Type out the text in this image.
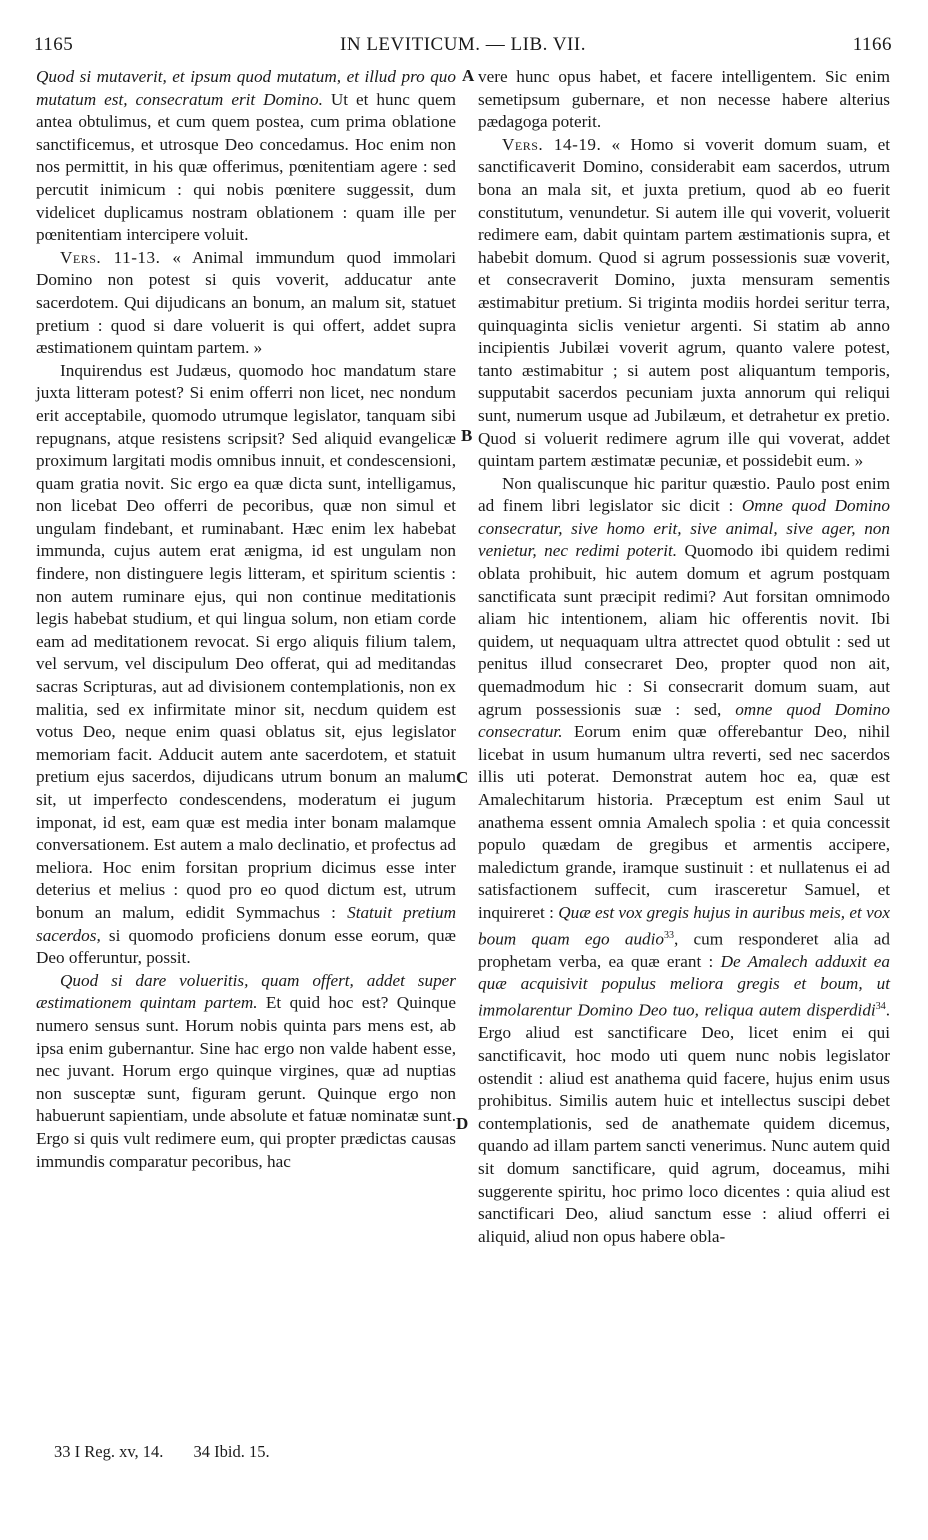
1165	IN LEVITICUM. — LIB. VII.	1166

Quod si mutaverit, et ipsum quod mutatum, et illud pro quo mutatum est, consecratum erit Domino. Ut et hunc quem antea obtulimus, et cum quem postea, cum prima oblatione sanctificemus, et utrosque Deo concedamus. Hoc enim non nos permittit, in his quæ offerimus, pœnitentiam agere : sed percutit inimicum : qui nobis pœnitere suggessit, dum videlicet duplicamus nostram oblationem : quam ille per pœnitentiam intercipere voluit.

Vers. 11-13. « Animal immundum quod immolari Domino non potest si quis voverit, adducatur ante sacerdotem. Qui dijudicans an bonum, an malum sit, statuet pretium : quod si dare voluerit is qui offert, addet supra æstimationem quintam partem. »

Inquirendus est Judæus, quomodo hoc mandatum stare juxta litteram potest? Si enim offerri non licet, nec nondum erit acceptabile, quomodo utrumque legislator, tanquam sibi repugnans, atque resistens scripsit? Sed aliquid evangelicæ proximum largitati modis omnibus innuit, et condescensioni, quam gratia novit. Sic ergo ea quæ dicta sunt, intelligamus, non licebat Deo offerri de pecoribus, quæ non simul et ungulam findebant, et ruminabant. Hæc enim lex habebat immunda, cujus autem erat ænigma, id est ungulam non findere, non distinguere legis litteram, et spiritum scientis : non autem ruminare ejus, qui non continue meditationis legis habebat studium, et qui lingua solum, non etiam corde eam ad meditationem revocat. Si ergo aliquis filium talem, vel servum, vel discipulum Deo offerat, qui ad meditandas sacras Scripturas, aut ad divisionem contemplationis, non ex malitia, sed ex infirmitate minor sit, necdum quidem est votus Deo, neque enim quasi oblatus sit, ejus legislator memoriam facit. Adducit autem ante sacerdotem, et statuit pretium ejus sacerdos, dijudicans utrum bonum an malum sit, ut imperfecto condescendens, moderatum ei jugum imponat, id est, eam quæ est media inter bonam malamque conversationem. Est autem a malo declinatio, et profectus ad meliora. Hoc enim forsitan proprium dicimus esse inter deterius et melius : quod pro eo quod dictum est, utrum bonum an malum, edidit Symmachus : Statuit pretium sacerdos, si quomodo proficiens donum esse eorum, quæ Deo offeruntur, possit.

Quod si dare volueritis, quam offert, addet super æstimationem quintam partem. Et quid hoc est? Quinque numero sensus sunt. Horum nobis quinta pars mens est, ab ipsa enim gubernantur. Sine hac ergo non valde habent esse, nec juvant. Horum ergo quinque virgines, quæ ad nuptias non susceptæ sunt, figuram gerunt. Quinque ergo non habuerunt sapientiam, unde absolute et fatuæ nominatæ sunt. Ergo si quis vult redimere eum, qui propter prædictas causas immundis comparatur pecoribus, hac

vere hunc opus habet, et facere intelligentem. Sic enim semetipsum gubernare, et non necesse habere alterius pædagoga poterit.

Vers. 14-19. « Homo si voverit domum suam, et sanctificaverit Domino, considerabit eam sacerdos, utrum bona an mala sit, et juxta pretium, quod ab eo fuerit constitutum, venundetur. Si autem ille qui voverit, voluerit redimere eam, dabit quintam partem æstimationis supra, et habebit domum. Quod si agrum possessionis suæ voverit, et consecraverit Domino, juxta mensuram sementis æstimabitur pretium. Si triginta modiis hordei seritur terra, quinquaginta siclis venietur argenti. Si statim ab anno incipientis Jubilæi voverit agrum, quanto valere potest, tanto æstimabitur ; si autem post aliquantum temporis, supputabit sacerdos pecuniam juxta annorum qui reliqui sunt, numerum usque ad Jubilæum, et detrahetur ex pretio. Quod si voluerit redimere agrum ille qui voverat, addet quintam partem æstimatæ pecuniæ, et possidebit eum. »

Non qualiscunque hic paritur quæstio. Paulo post enim ad finem libri legislator sic dicit : Omne quod Domino consecratur, sive homo erit, sive animal, sive ager, non venietur, nec redimi poterit. Quomodo ibi quidem redimi oblata prohibuit, hic autem domum et agrum postquam sanctificata sunt præcipit redimi? Aut forsitan omnimodo aliam hic intentionem, aliam hic offerentis novit. Ibi quidem, ut nequaquam ultra attrectet quod obtulit : sed ut penitus illud consecraret Deo, propter quod non ait, quemadmodum hic : Si consecrarit domum suam, aut agrum possessionis suæ : sed, omne quod Domino consecratur. Eorum enim quæ offerebantur Deo, nihil licebat in usum humanum ultra reverti, sed nec sacerdos illis uti poterat. Demonstrat autem hoc ea, quæ est Amalechitarum historia. Præceptum est enim Saul ut anathema essent omnia Amalech spolia : et quia concessit populo quædam de gregibus et armentis accipere, maledictum grande, iramque sustinuit : et nullatenus ei ad satisfactionem suffecit, cum irasceretur Samuel, et inquireret : Quæ est vox gregis hujus in auribus meis, et vox boum quam ego audio$^{33}$, cum responderet alia ad prophetam verba, ea quæ erant : De Amalech adduxit ea quæ acquisivit populus meliora gregis et boum, ut immolarentur Domino Deo tuo, reliqua autem disperdidi$^{34}$. Ergo aliud est sanctificare Deo, licet enim ei qui sanctificavit, hoc modo uti quem nunc nobis legislator ostendit : aliud est anathema quid facere, hujus enim usus prohibitus. Similis autem huic et intellectus suscipi debet contemplationis, sed de anathemate quidem dicemus, quando ad illam partem sancti venerimus. Nunc autem quid sit domum sanctificare, quid agrum, doceamus, mihi suggerente spiritu, hoc primo loco dicentes : quia aliud est sanctificari Deo, aliud sanctum esse : aliud offerri ei aliquid, aliud non opus habere obla-

A
B
C
D
33 I Reg. xv, 14. 34 Ibid. 15.
